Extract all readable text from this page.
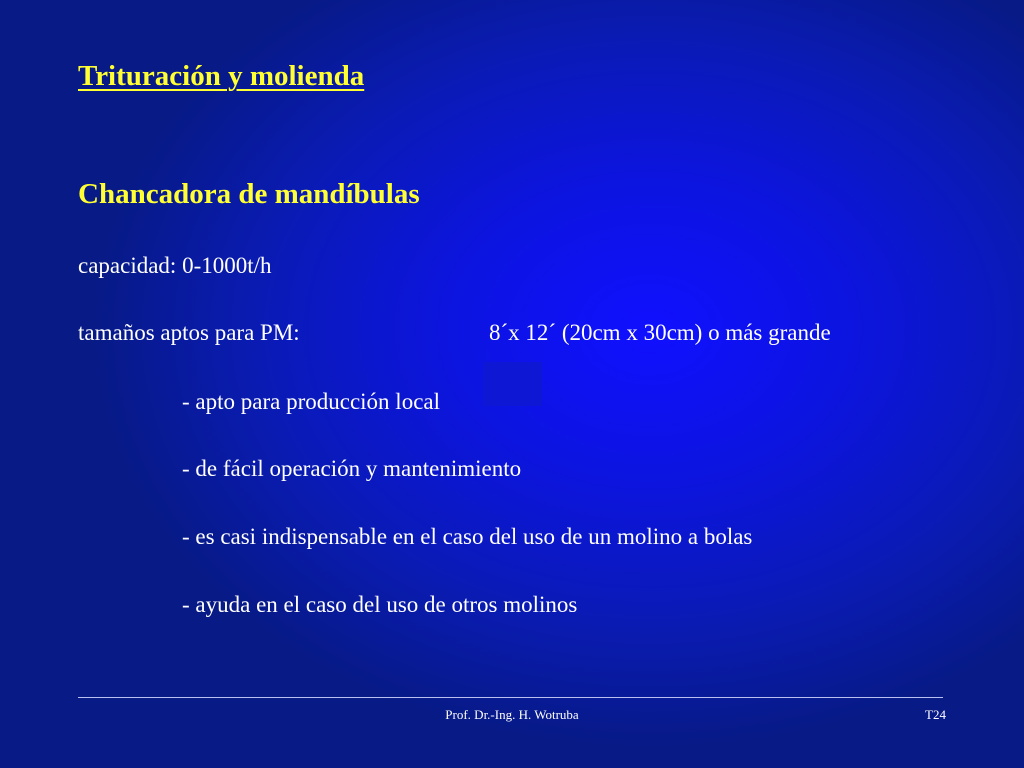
Trituración y molienda
Chancadora de mandíbulas
capacidad: 0-1000t/h
tamaños aptos para PM:	8´x 12´ (20cm x 30cm) o más grande
- apto para producción local
- de fácil operación y mantenimiento
- es casi indispensable en el caso del uso de un molino a bolas
- ayuda en el caso del uso de otros molinos
Prof. Dr.-Ing. H. Wotruba	T24
